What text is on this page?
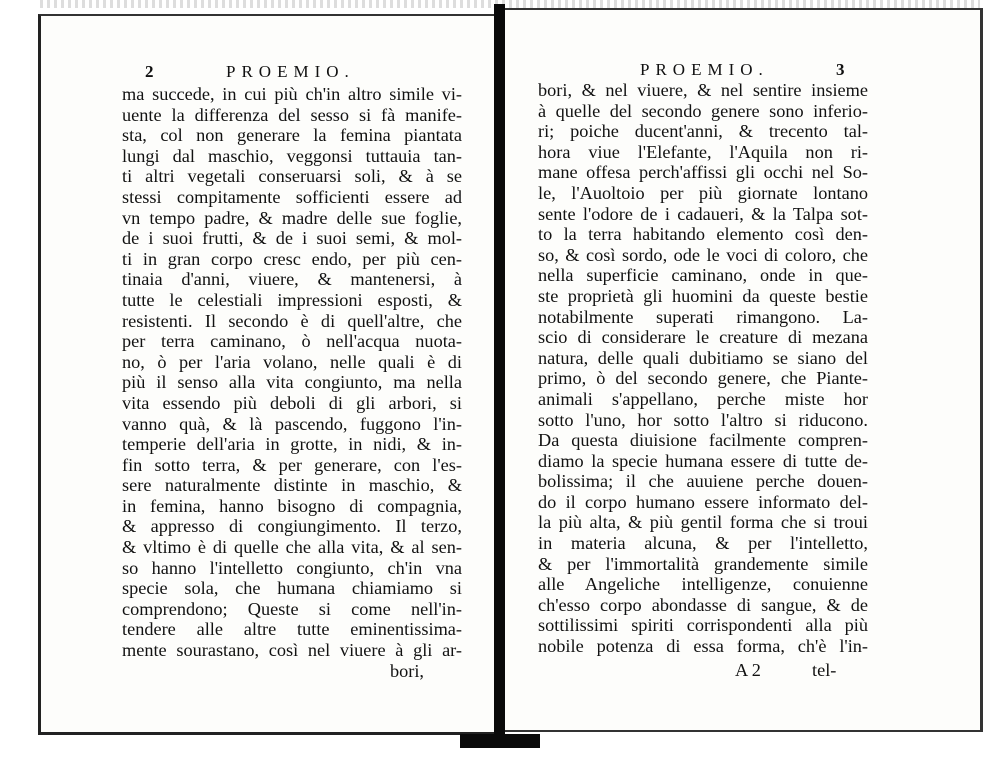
2	PROEMIO.
ma succede, in cui più ch'in altro simile vi-
uente la differenza del sesso si fà manife-
sta, col non generare la femina piantata
lungi dal maschio, veggonsi tuttauia tan-
ti altri vegetali conseruarsi soli, & à se
stessi compitamente sofficienti essere ad
vn tempo padre, & madre delle sue foglie,
de i suoi frutti, & de i suoi semi, & mol-
ti in gran corpo cresc endo, per più cen-
tinaia d'anni, viuere, & mantenersi, à
tutte le celestiali impressioni esposti, &
resistenti. Il secondo è di quell'altre, che
per terra caminano, ò nell'acqua nuota-
no, ò per l'aria volano, nelle quali è di
più il senso alla vita congiunto, ma nella
vita essendo più deboli di gli arbori, si
vanno quà, & là pascendo, fuggono l'in-
temperie dell'aria in grotte, in nidi, & in-
fin sotto terra, & per generare, con l'es-
sere naturalmente distinte in maschio, &
in femina, hanno bisogno di compagnia,
& appresso di congiungimento. Il terzo,
& vltimo è di quelle che alla vita, & al sen-
so hanno l'intelletto congiunto, ch'in vna
specie sola, che humana chiamiamo si
comprendono; Queste si come nell'in-
tendere alle altre tutte eminentissima-
mente sourastano, così nel viuere à gli ar-
bori,
PROEMIO.	3
bori, & nel viuere, & nel sentire insieme
à quelle del secondo genere sono inferio-
ri; poiche ducent'anni, & trecento tal-
hora viue l'Elefante, l'Aquila non ri-
mane offesa perch'affissi gli occhi nel So-
le, l'Auoltoio per più giornate lontano
sente l'odore de i cadaueri, & la Talpa sot-
to la terra habitando elemento così den-
so, & così sordo, ode le voci di coloro, che
nella superficie caminano, onde in que-
ste proprietà gli huomini da queste bestie
notabilmente superati rimangono. La-
scio di considerare le creature di mezana
natura, delle quali dubitiamo se siano del
primo, ò del secondo genere, che Piante-
animali s'appellano, perche miste hor
sotto l'uno, hor sotto l'altro si riducono.
Da questa diuisione facilmente compren-
diamo la specie humana essere di tutte de-
bolissima; il che auuiene perche douen-
do il corpo humano essere informato del-
la più alta, & più gentil forma che si troui
in materia alcuna, & per l'intelletto,
& per l'immortalità grandemente simile
alle Angeliche intelligenze, conuienne
ch'esso corpo abondasse di sangue, & de
sottilissimi spiriti corrispondenti alla più
nobile potenza di essa forma, ch'è l'in-
A 2	tel-
